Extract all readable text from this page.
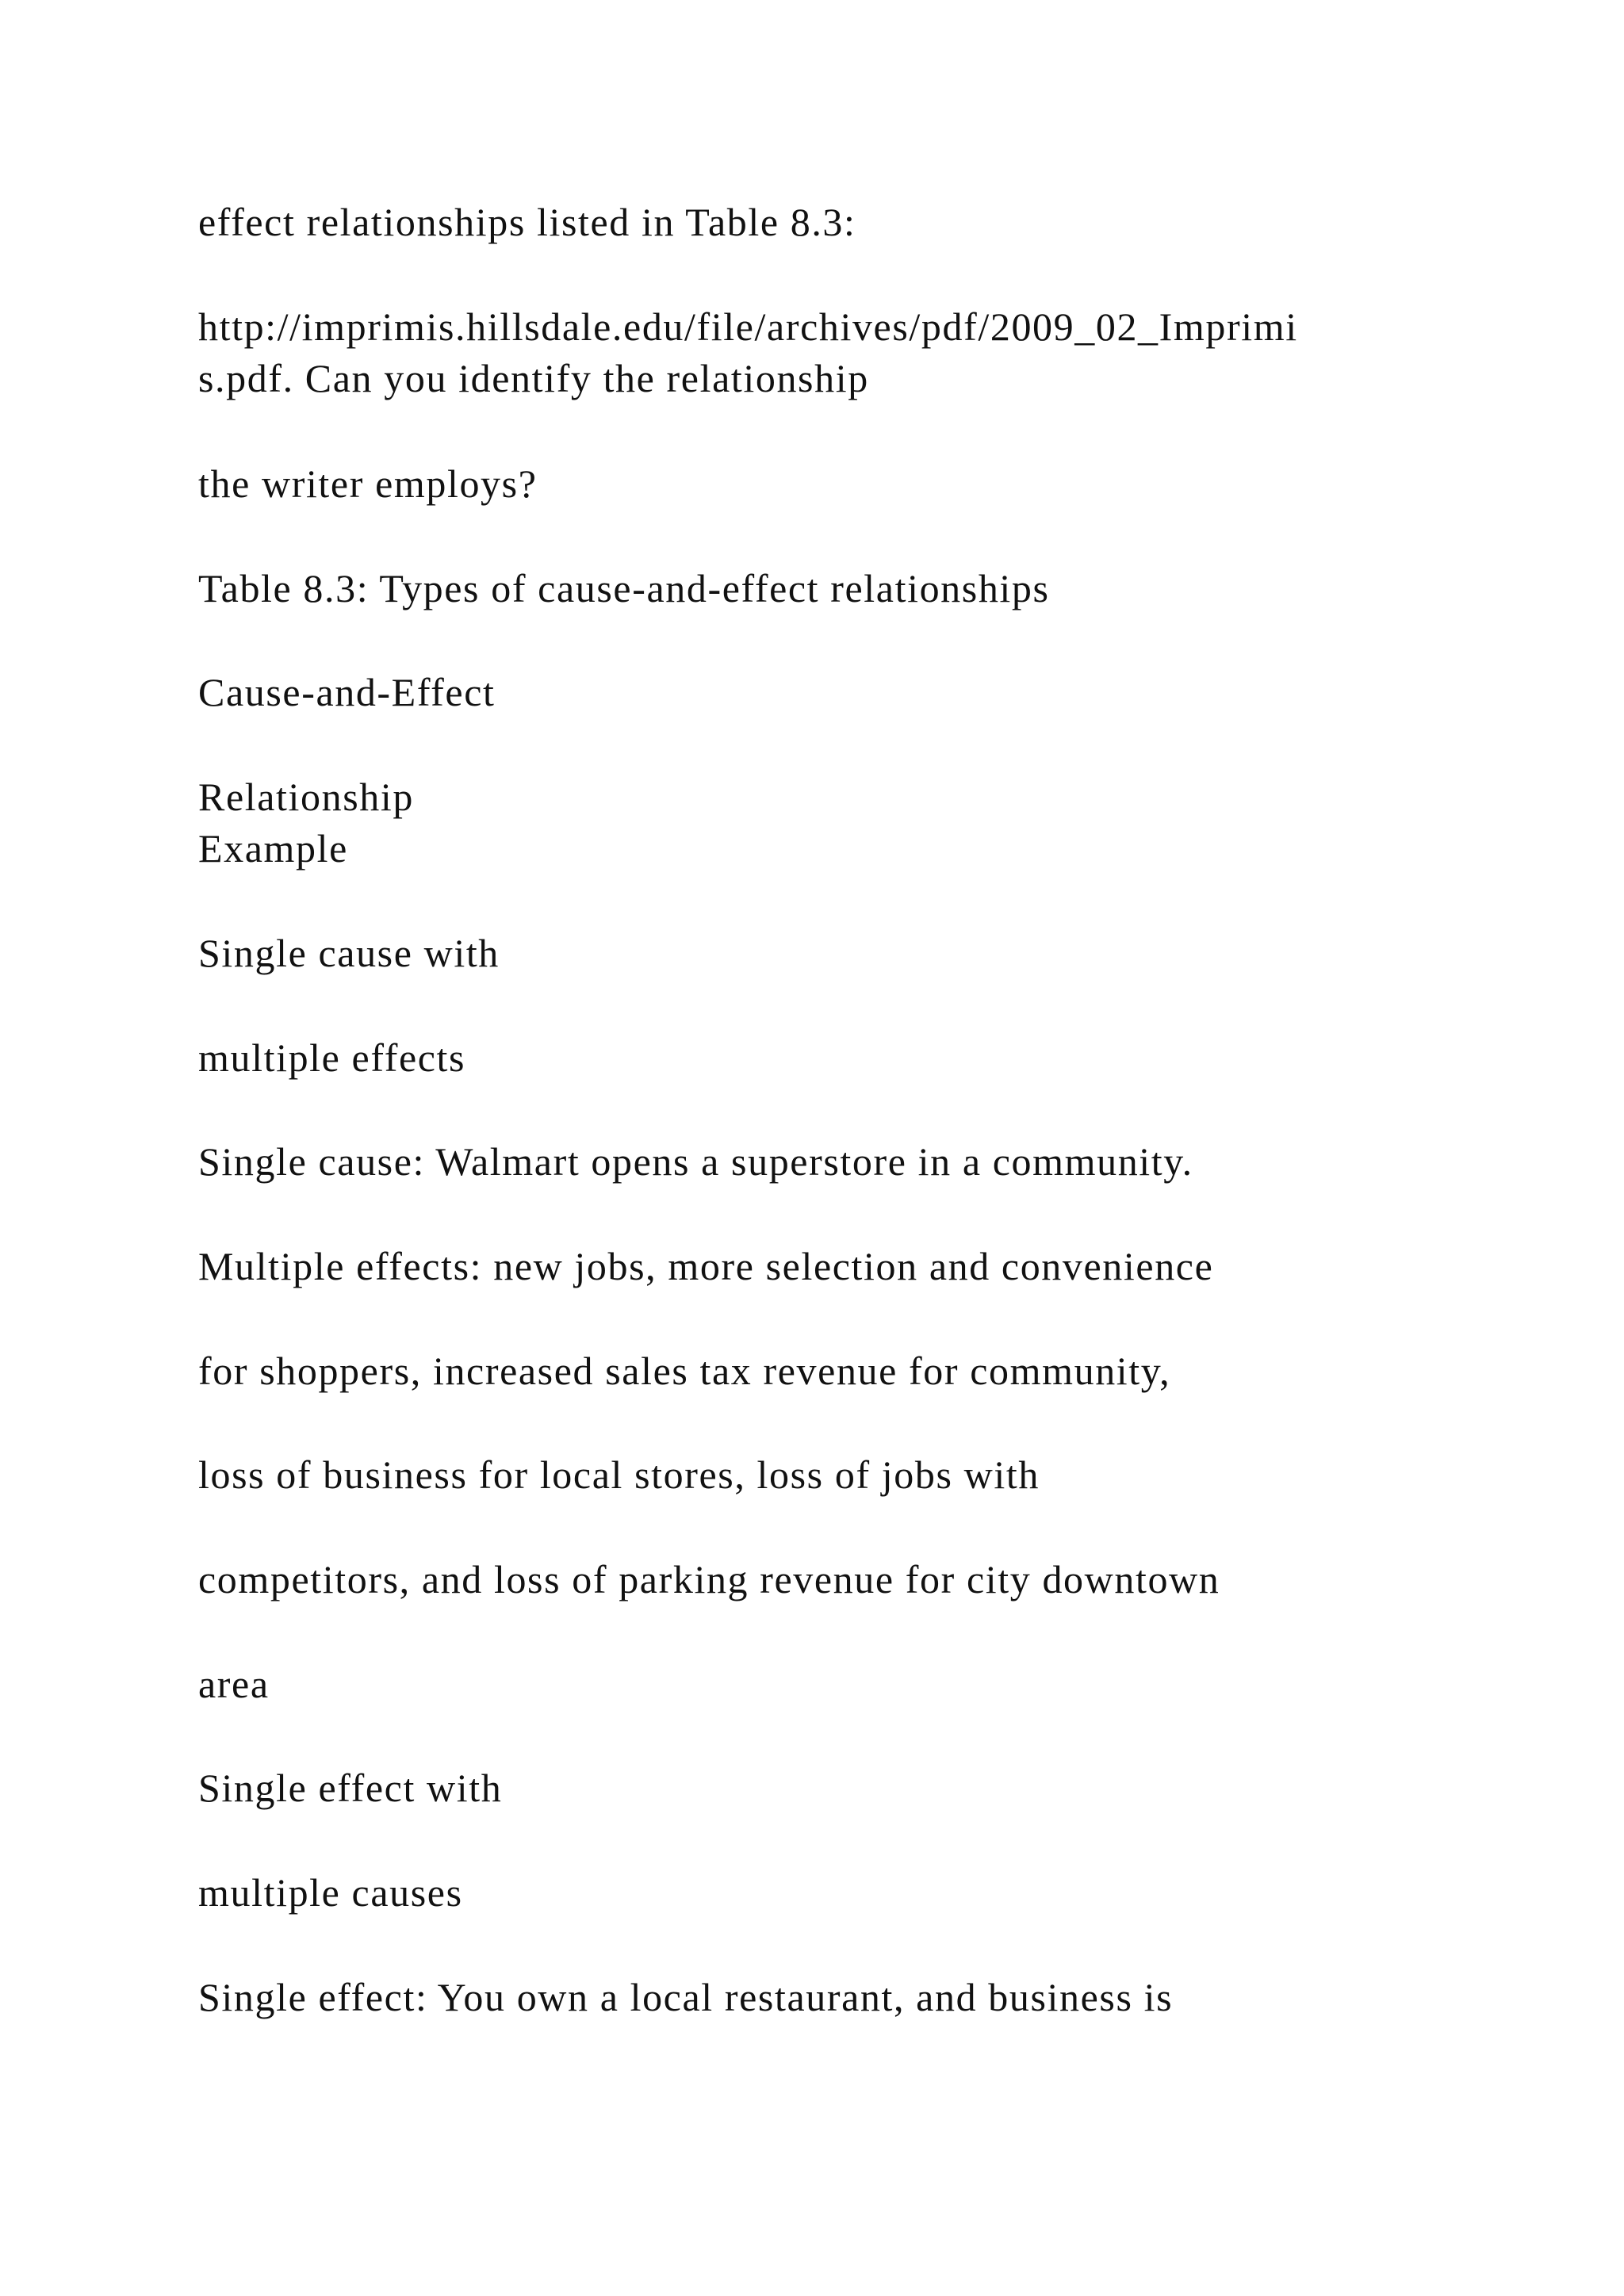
effect relationships listed in Table 8.3:

http://imprimis.hillsdale.edu/file/archives/pdf/2009_02_Imprimi

s.pdf. Can you identify the relationship

the writer employs?

Table 8.3: Types of cause-and-effect relationships

Cause-and-Effect

Relationship

Example

Single cause with

multiple effects

Single cause: Walmart opens a superstore in a community.

Multiple effects: new jobs, more selection and convenience

for shoppers, increased sales tax revenue for community,

loss of business for local stores, loss of jobs with

competitors, and loss of parking revenue for city downtown

area

Single effect with

multiple causes

Single effect: You own a local restaurant, and business is
